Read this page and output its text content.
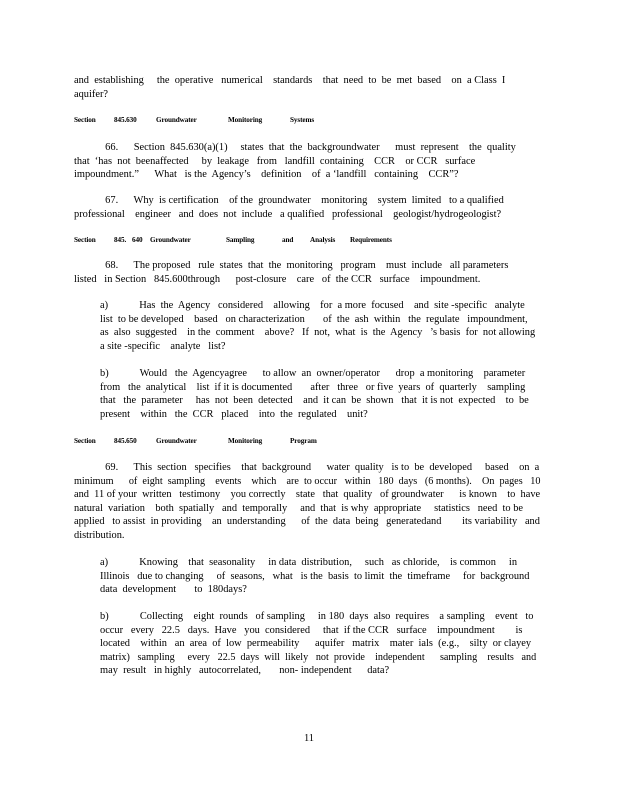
and  establishing     the  operative   numerical    standards    that  need  to  be  met  based    on  a Class  I
aquifer?
Section	845.630	Groundwater	Monitoring	Systems
66.      Section  845.630(a)(1)     states  that  the  backgroundwater      must  represent    the  quality
that  ‘has  not  beenaffected     by  leakage   from   landfill  containing    CCR    or CCR   surface
impoundment.”      What   is the  Agency’s    definition    of  a ‘landfill   containing    CCR”?
67.      Why  is certification    of the  groundwater    monitoring    system  limited   to a qualified
professional    engineer   and  does  not  include   a qualified   professional    geologist/hydrogeologist?
Section	845. 640 Groundwater	Sampling	and Analysis Requirements
68.      The proposed   rule  states  that  the  monitoring   program    must  include   all parameters
listed   in Section   845.600through      post-closure    care   of  the CCR   surface    impoundment.
a)            Has  the  Agency   considered    allowing    for  a more  focused    and  site -specific   analyte
list  to be developed    based   on characterization       of  the  ash  within   the  regulate   impoundment,
as  also  suggested    in the  comment    above?   If  not,  what  is  the  Agency   ’s basis  for  not allowing
a site -specific    analyte   list?
b)            Would   the  Agencyagree      to allow  an  owner/operator      drop  a monitoring    parameter
from   the  analytical    list  if it is documented       after   three   or five  years  of  quarterly    sampling
that   the  parameter     has  not  been  detected    and  it can  be  shown   that  it is not  expected    to  be
present    within   the  CCR   placed    into  the  regulated    unit?
Section	845.650	Groundwater	Monitoring	Program
69.      This  section   specifies    that  background      water  quality   is to  be  developed     based    on  a
minimum      of  eight  sampling    events    which    are  to occur   within   180  days   (6 months).    On  pages   10
and  11 of your  written   testimony    you correctly    state   that  quality   of groundwater      is known    to  have
natural  variation    both  spatially   and  temporally     and  that  is why  appropriate     statistics   need  to be
applied   to assist  in providing    an  understanding      of  the  data  being   generatedand        its variability   and
distribution.
a)            Knowing    that  seasonality     in data  distribution,     such   as chloride,    is common     in
Illinois   due to changing     of  seasons,   what   is the  basis  to limit  the  timeframe     for  background
data  development       to  180days?
b)            Collecting    eight  rounds   of sampling     in 180  days  also  requires    a sampling    event   to
occur   every   22.5   days.  Have   you  considered     that  if the CCR   surface    impoundment        is
located    within   an  area  of  low  permeability      aquifer   matrix    mater  ials  (e.g.,    silty  or clayey
matrix)   sampling     every   22.5  days  will  likely   not  provide    independent      sampling    results   and
may  result   in highly   autocorrelated,       non- independent      data?
11
